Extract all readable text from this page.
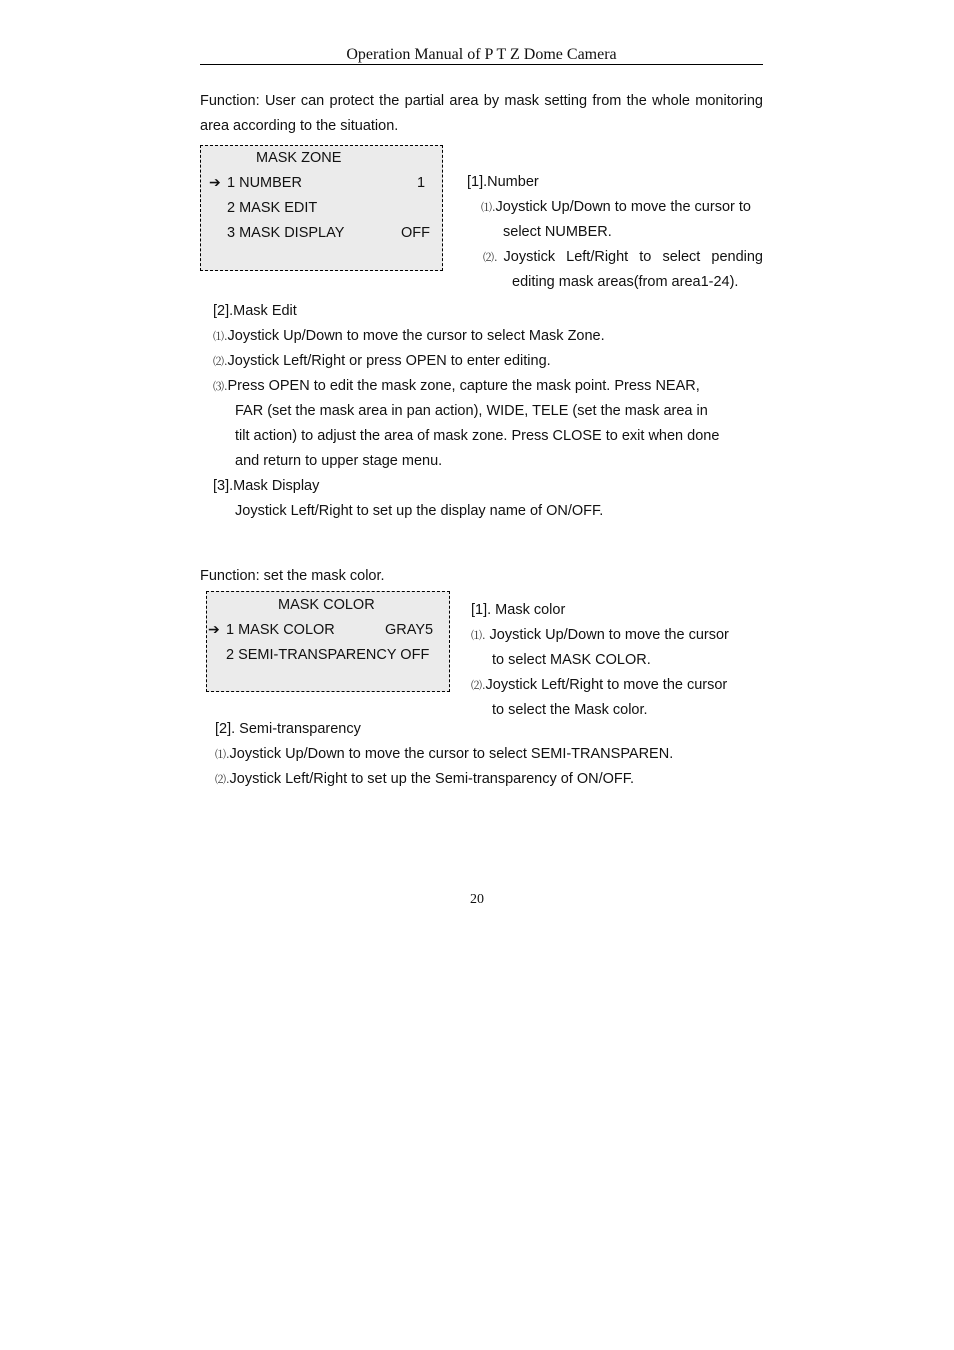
Operation Manual of P T Z Dome Camera
Function: User can protect the partial area by mask setting from the whole monitoring
area according to the situation.
MASK ZONE
➔ 1 NUMBER	1
2 MASK EDIT
3 MASK DISPLAY	OFF
[1].Number
⑴.Joystick Up/Down to move the cursor to
select NUMBER.
⑵. Joystick Left/Right to select pending
editing mask areas(from area1-24).
[2].Mask Edit
⑴.Joystick Up/Down to move the cursor to select Mask Zone.
⑵.Joystick Left/Right or press OPEN to enter editing.
⑶.Press OPEN to edit the mask zone, capture the mask point. Press NEAR,
FAR (set the mask area in pan action), WIDE, TELE (set the mask area in
tilt action) to adjust the area of mask zone. Press CLOSE to exit when done
and return to upper stage menu.
[3].Mask Display
Joystick Left/Right to set up the display name of ON/OFF.
Function: set the mask color.
MASK COLOR
➔ 1 MASK COLOR	GRAY5
2 SEMI-TRANSPARENCY OFF
[1]. Mask color
⑴. Joystick Up/Down to move the cursor
to select MASK COLOR.
⑵.Joystick Left/Right to move the cursor
to select the Mask color.
[2]. Semi-transparency
⑴.Joystick Up/Down to move the cursor to select SEMI-TRANSPAREN.
⑵.Joystick Left/Right to set up the Semi-transparency of ON/OFF.
20
